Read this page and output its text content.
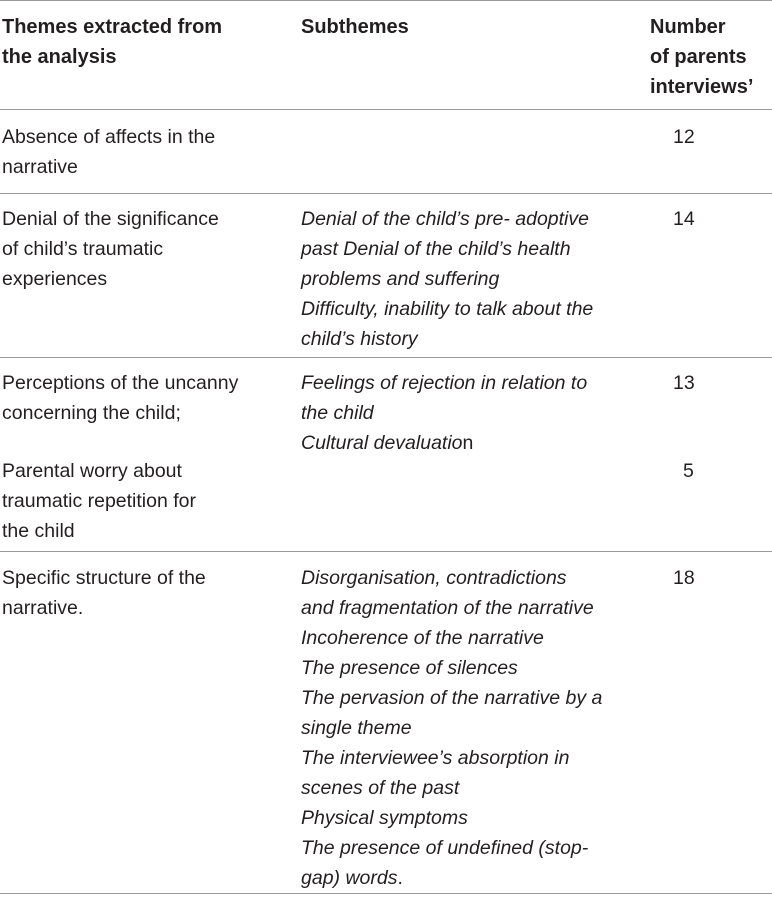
Themes extracted from
the analysis
Subthemes	Number
of parents
interviews’
Absence of affects in the
narrative
12
Denial of the significance
of child’s traumatic
experiences
Denial of the child’s pre- adoptive
past Denial of the child’s health
problems and suffering
Difficulty, inability to talk about the
child’s history
14
Perceptions of the uncanny
concerning the child;
Parental worry about
traumatic repetition for
the child
Feelings of rejection in relation to
the child
Cultural devaluation
13

5
Specific structure of the
narrative.
Disorganisation, contradictions
and fragmentation of the narrative
Incoherence of the narrative
The presence of silences
The pervasion of the narrative by a
single theme
The interviewee’s absorption in
scenes of the past
Physical symptoms
The presence of undefined (stop-
gap) words.
18
